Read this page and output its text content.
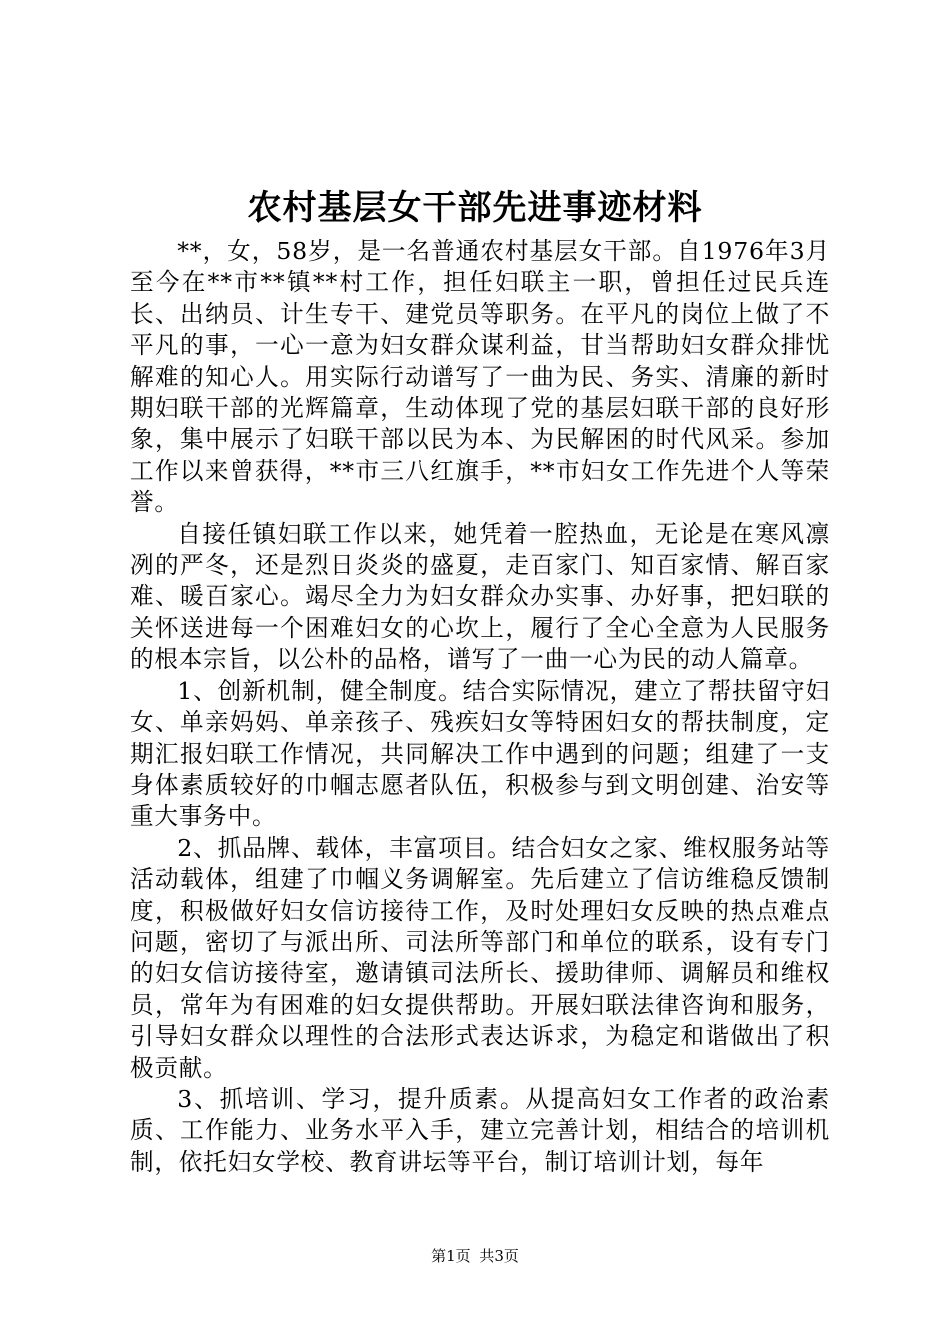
农村基层女干部先进事迹材料

**，女，58岁，是一名普通农村基层女干部。自1976年3月至今在**市**镇**村工作，担任妇联主一职，曾担任过民兵连长、出纳员、计生专干、建党员等职务。在平凡的岗位上做了不平凡的事，一心一意为妇女群众谋利益，甘当帮助妇女群众排忧解难的知心人。用实际行动谱写了一曲为民、务实、清廉的新时期妇联干部的光辉篇章，生动体现了党的基层妇联干部的良好形象，集中展示了妇联干部以民为本、为民解困的时代风采。参加工作以来曾获得，**市三八红旗手，**市妇女工作先进个人等荣誉。

自接任镇妇联工作以来，她凭着一腔热血，无论是在寒风凛冽的严冬，还是烈日炎炎的盛夏，走百家门、知百家情、解百家难、暖百家心。竭尽全力为妇女群众办实事、办好事，把妇联的关怀送进每一个困难妇女的心坎上，履行了全心全意为人民服务的根本宗旨，以公朴的品格，谱写了一曲一心为民的动人篇章。

1、创新机制，健全制度。结合实际情况，建立了帮扶留守妇女、单亲妈妈、单亲孩子、残疾妇女等特困妇女的帮扶制度，定期汇报妇联工作情况，共同解决工作中遇到的问题；组建了一支身体素质较好的巾帼志愿者队伍，积极参与到文明创建、治安等重大事务中。

2、抓品牌、载体，丰富项目。结合妇女之家、维权服务站等活动载体，组建了巾帼义务调解室。先后建立了信访维稳反馈制度，积极做好妇女信访接待工作，及时处理妇女反映的热点难点问题，密切了与派出所、司法所等部门和单位的联系，设有专门的妇女信访接待室，邀请镇司法所长、援助律师、调解员和维权员，常年为有困难的妇女提供帮助。开展妇联法律咨询和服务，引导妇女群众以理性的合法形式表达诉求，为稳定和谐做出了积极贡献。

3、抓培训、学习，提升质素。从提高妇女工作者的政治素质、工作能力、业务水平入手，建立完善计划，相结合的培训机制，依托妇女学校、教育讲坛等平台，制订培训计划，每年

第1页 共3页
